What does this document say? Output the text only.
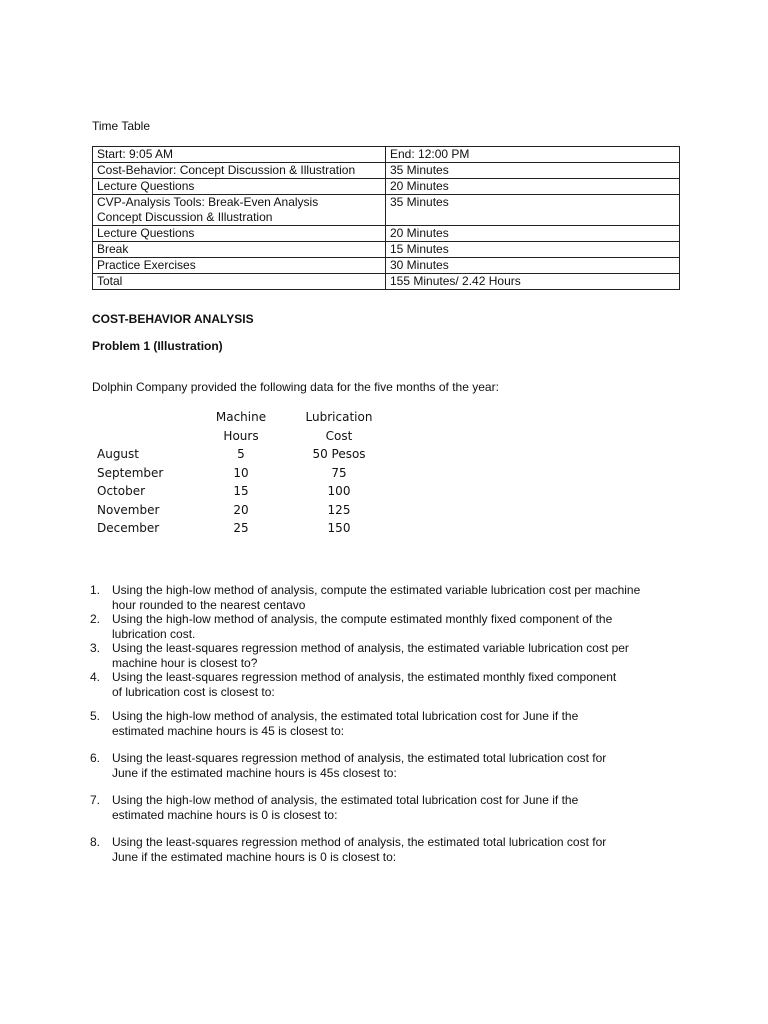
Time Table
Start: 9:05 AM	End: 12:00 PM
Cost-Behavior: Concept Discussion & Illustration	35 Minutes
Lecture Questions	20 Minutes
CVP-Analysis Tools: Break-Even Analysis
Concept Discussion & Illustration	35 Minutes
Lecture Questions	20 Minutes
Break	15 Minutes
Practice Exercises	30 Minutes
Total	155 Minutes/ 2.42 Hours
COST-BEHAVIOR ANALYSIS
Problem 1 (Illustration)
Dolphin Company provided the following data for the five months of the year:
	Machine	Lubrication
	Hours	Cost
August	5	50 Pesos
September	10	75
October	15	100
November	20	125
December	25	150
1. Using the high-low method of analysis, compute the estimated variable lubrication cost per machine
hour rounded to the nearest centavo
2. Using the high-low method of analysis, the compute estimated monthly fixed component of the
lubrication cost.
3. Using the least-squares regression method of analysis, the estimated variable lubrication cost per
machine hour is closest to?
4. Using the least-squares regression method of analysis, the estimated monthly fixed component
of lubrication cost is closest to:
5. Using the high-low method of analysis, the estimated total lubrication cost for June if the
estimated machine hours is 45 is closest to:
6. Using the least-squares regression method of analysis, the estimated total lubrication cost for
June if the estimated machine hours is 45s closest to:
7. Using the high-low method of analysis, the estimated total lubrication cost for June if the
estimated machine hours is 0 is closest to:
8. Using the least-squares regression method of analysis, the estimated total lubrication cost for
June if the estimated machine hours is 0 is closest to:
